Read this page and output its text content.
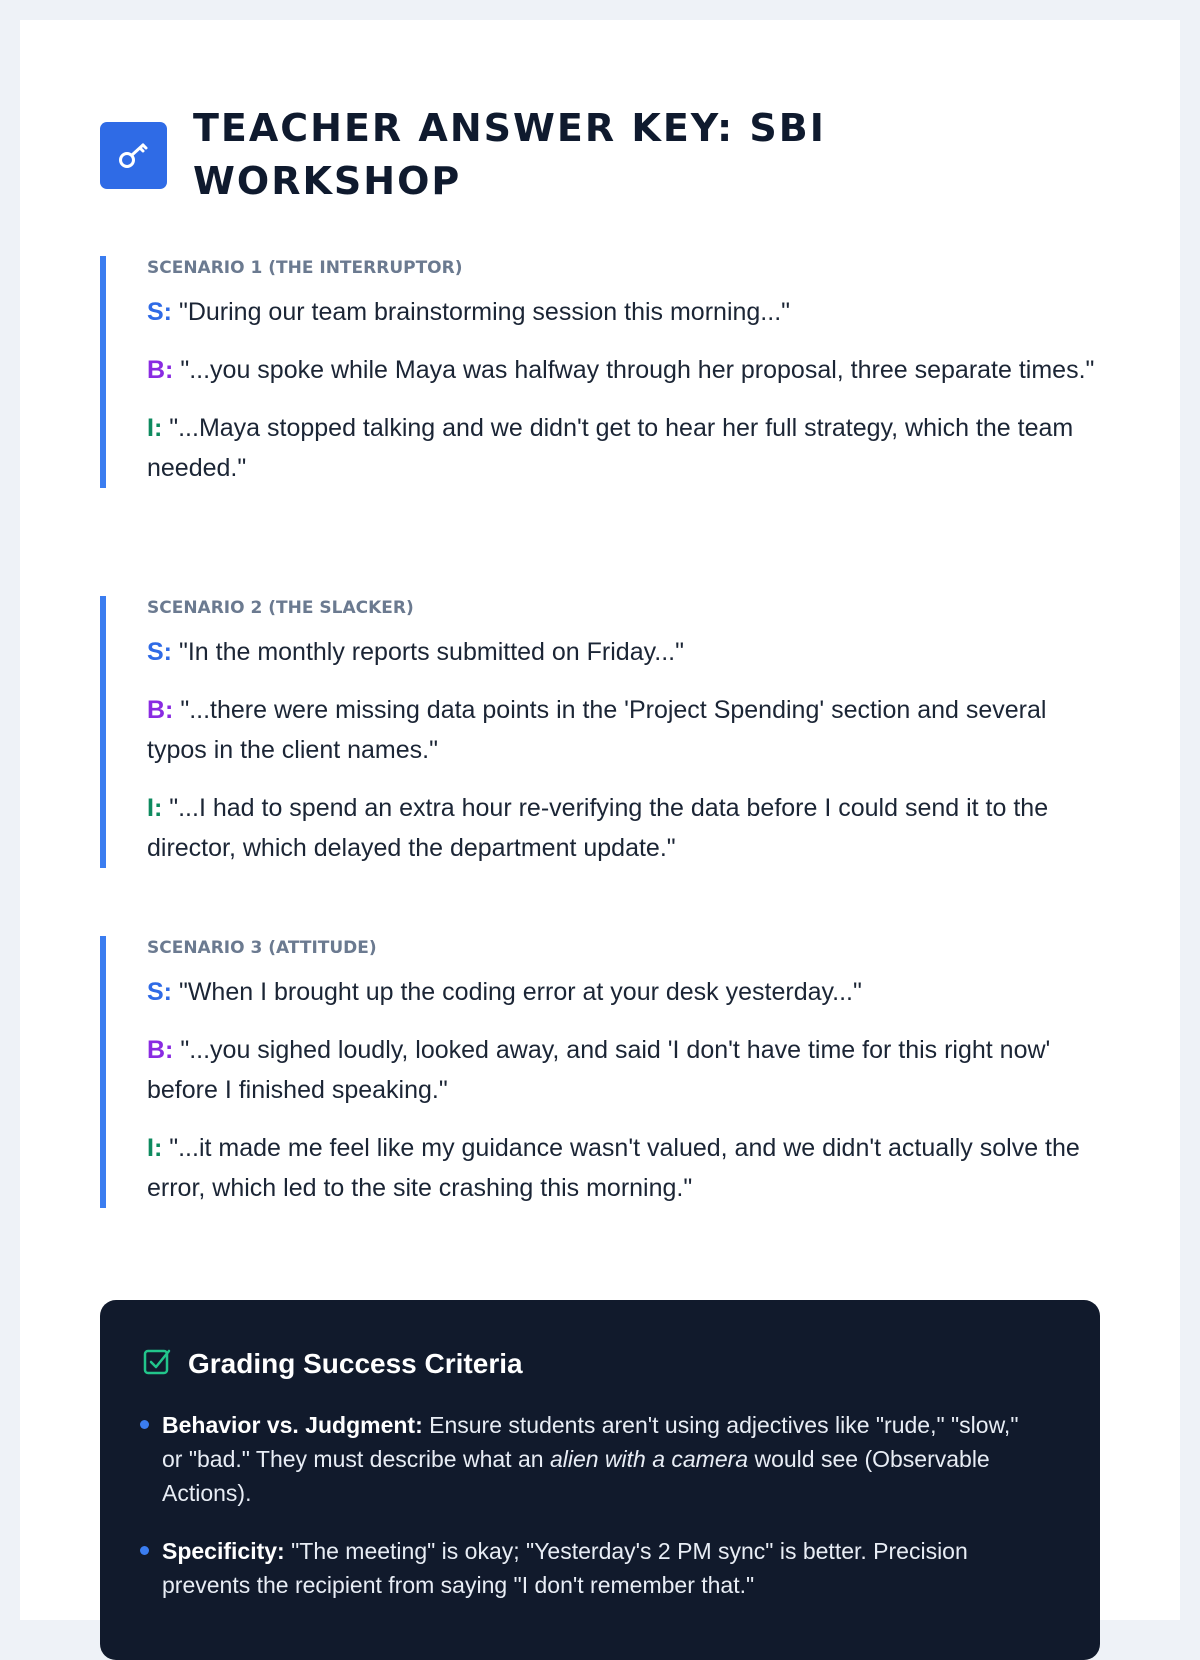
TEACHER ANSWER KEY: SBI WORKSHOP
SCENARIO 1 (THE INTERRUPTOR)

S: "During our team brainstorming session this morning..."

B: "...you spoke while Maya was halfway through her proposal, three separate times."

I: "...Maya stopped talking and we didn't get to hear her full strategy, which the team needed."

SCENARIO 2 (THE SLACKER)

S: "In the monthly reports submitted on Friday..."

B: "...there were missing data points in the 'Project Spending' section and several typos in the client names."

I: "...I had to spend an extra hour re-verifying the data before I could send it to the director, which delayed the department update."

SCENARIO 3 (ATTITUDE)

S: "When I brought up the coding error at your desk yesterday..."

B: "...you sighed loudly, looked away, and said 'I don't have time for this right now' before I finished speaking."

I: "...it made me feel like my guidance wasn't valued, and we didn't actually solve the error, which led to the site crashing this morning."

Grading Success Criteria
Behavior vs. Judgment: Ensure students aren't using adjectives like "rude," "slow," or "bad." They must describe what an alien with a camera would see (Observable Actions).
Specificity: "The meeting" is okay; "Yesterday's 2 PM sync" is better. Precision prevents the recipient from saying "I don't remember that."
